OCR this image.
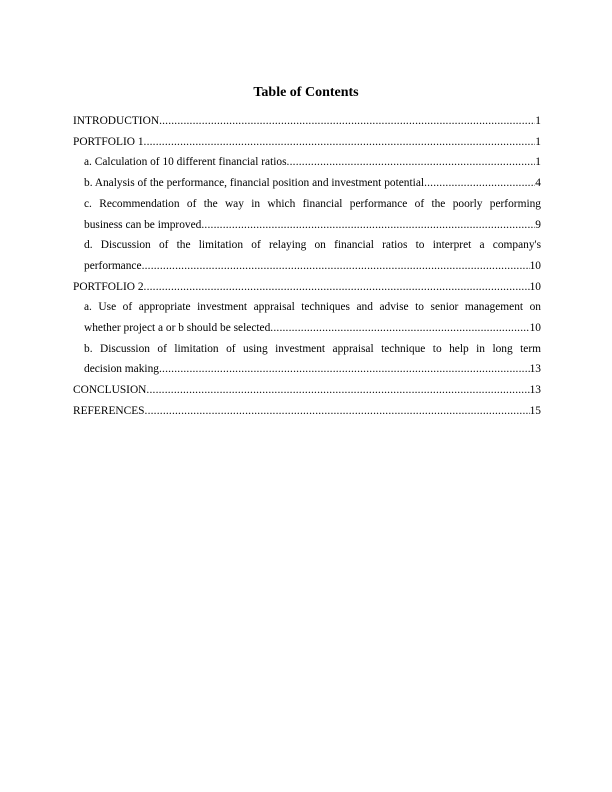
Table of Contents
INTRODUCTION .....	1
PORTFOLIO 1 .....	1
a. Calculation of 10 different financial ratios .....	1
b. Analysis of the performance, financial position and investment potential .....	4
c. Recommendation of the way in which financial performance of the poorly performing
business can be improved .....	9
d. Discussion of the limitation of relaying on financial ratios to interpret a company's
performance .....	10
PORTFOLIO 2 .....	10
a. Use of appropriate investment appraisal techniques and advise to senior management on
whether project a or b should be selected .....	10
b. Discussion of limitation of using investment appraisal technique to help in long term
decision making .....	13
CONCLUSION .....	13
REFERENCES .....	15
